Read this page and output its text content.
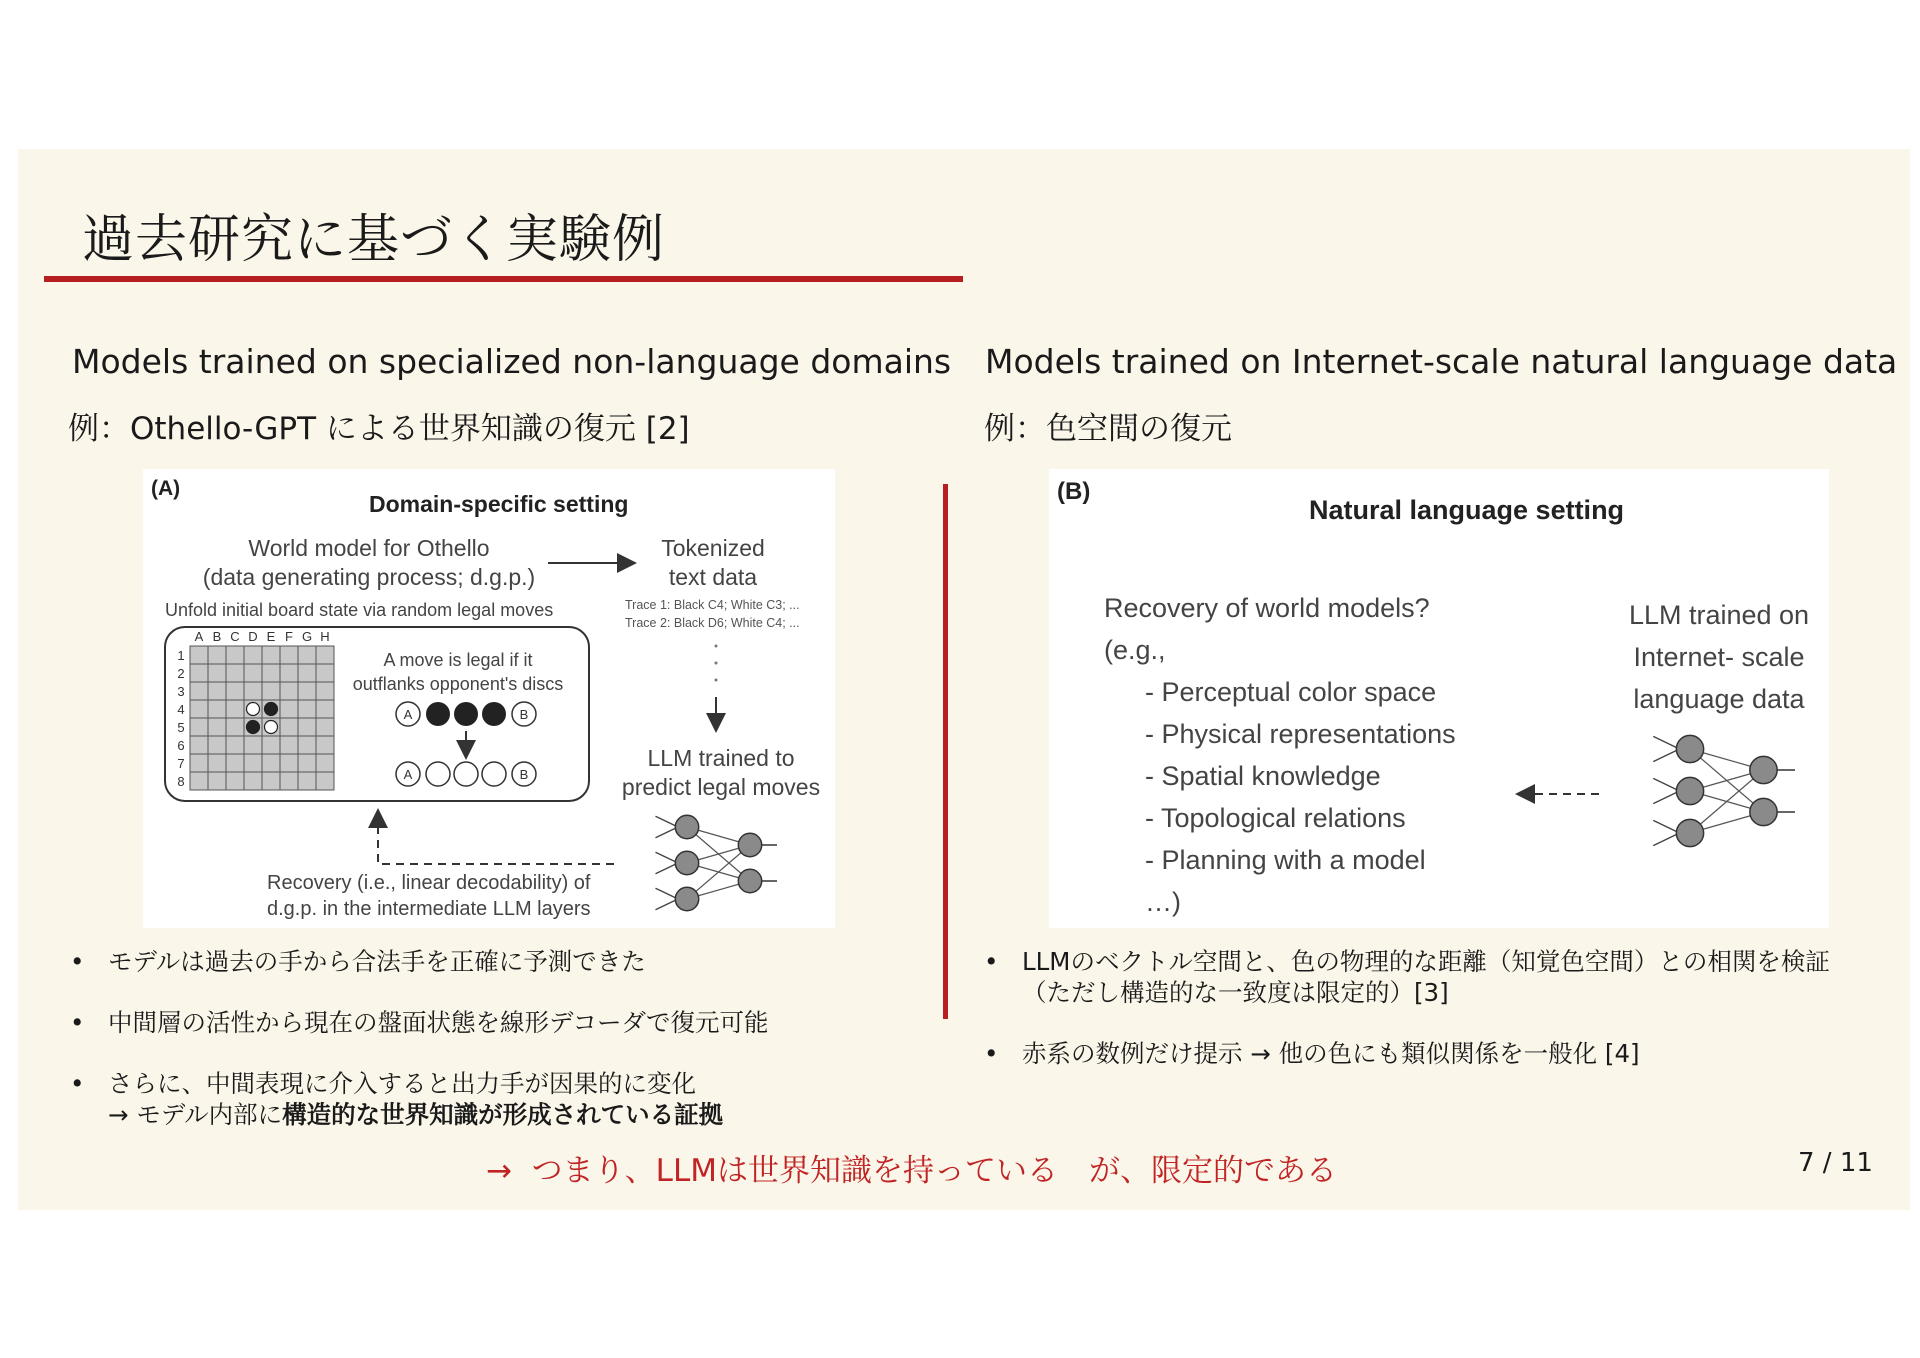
過去研究に基づく実験例
Models trained on specialized non-language domains

例：Othello-GPT による世界知識の復元 [2]

Models trained on Internet-scale natural language data

例：色空間の復元

(A)
Domain-specific setting
World model for Othello
(data generating process; d.g.p.)
Tokenized
text data
Unfold initial board state via random legal moves	Trace 1: Black C4; White C3; ...
Trace 2: Black D6; White C4; ...
A B C D E F G H
1
2
3
4
5
6
7
8
A move is legal if it
outflanks opponent's discs
A	B
A	B
LLM trained to
predict legal moves
Recovery (i.e., linear decodability) of
d.g.p. in the intermediate LLM layers
(B)
Natural language setting
Recovery of world models?
(e.g.,
- Perceptual color space
- Physical representations
- Spatial knowledge
- Topological relations
- Planning with a model
…)
LLM trained on
Internet- scale
language data
• モデルは過去の手から合法手を正確に予測できた
• 中間層の活性から現在の盤面状態を線形デコーダで復元可能
• さらに、中間表現に介入すると出力手が因果的に変化
→ モデル内部に構造的な世界知識が形成されている証拠
• LLMのベクトル空間と、色の物理的な距離（知覚色空間）との相関を検証
（ただし構造的な一致度は限定的）[3]
• 赤系の数例だけ提示 → 他の色にも類似関係を一般化 [4]

→  つまり、LLMは世界知識を持っている　が、限定的である	7 / 11
